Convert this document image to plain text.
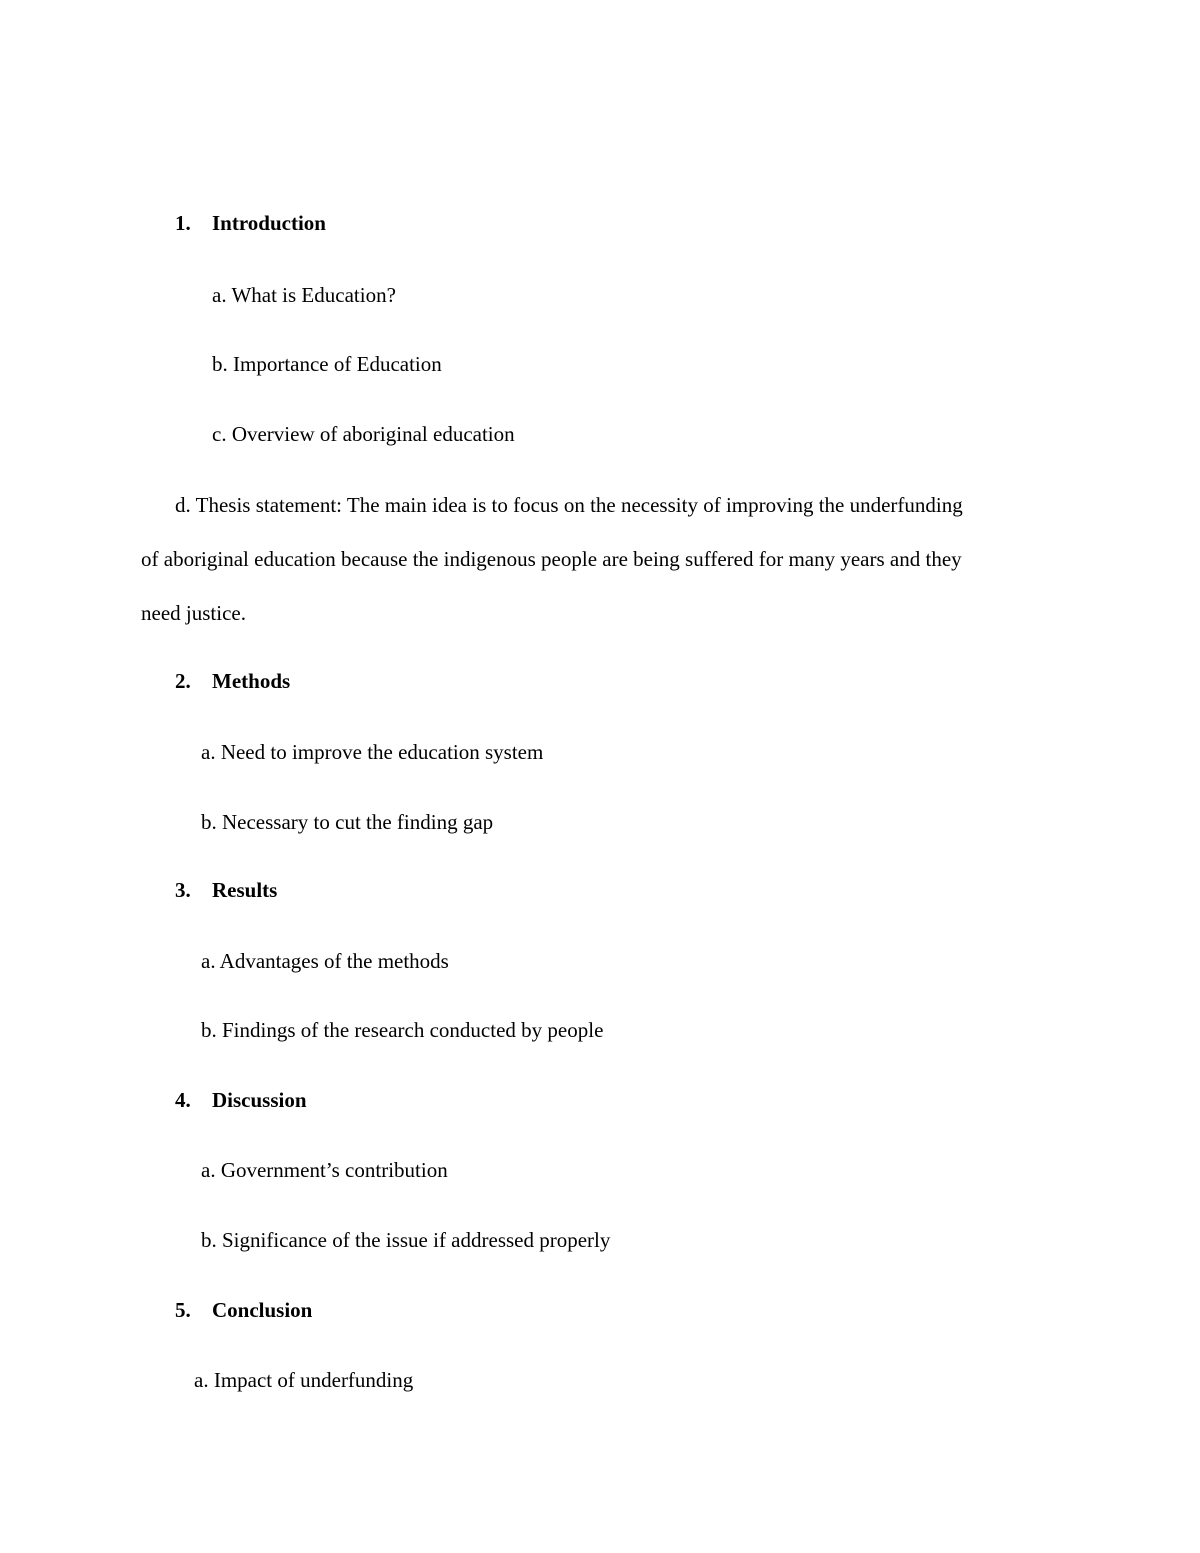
1. Introduction
a. What is Education?
b. Importance of Education
c. Overview of aboriginal education
d. Thesis statement: The main idea is to focus on the necessity of improving the underfunding
of aboriginal education because the indigenous people are being suffered for many years and they
need justice.
2. Methods
a. Need to improve the education system
b. Necessary to cut the finding gap
3. Results
a. Advantages of the methods
b. Findings of the research conducted by people
4. Discussion
a. Government’s contribution
b. Significance of the issue if addressed properly
5. Conclusion
a. Impact of underfunding
